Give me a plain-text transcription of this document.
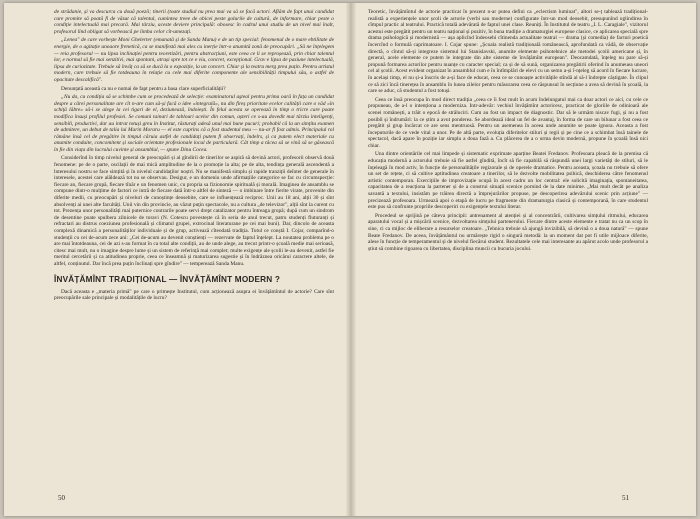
de strădanie, și va descurca cu două poezii; tinerii (toate studiul nu prea mai va să se facă actori. Aflăm de fapt unui candidat care promite să poată fi de văzut că talentul, cumintea treee de obicei peste golurile de cultură, de informare, chiar peste o condiție intelectuală mai precară. Mai târziu, aceste deviere principală: obosesc în cadrul unui studiu de un nivel mai înalt, profesorul lînd obligat să vorbească pe limba celor cît-umezați.

„Lenea" de care vorbește Moni Ghelerter (emanată și de Sanda Manu) e de un tip special: fenomenul de o mare ebtilitate de energie, de o agitație unoaore frenetică, ca se manifestă mai ales cu inerție într-o anumită zonă de preocupări. „Să ne înțelegem — reia profesorul — nu lipsa inclinației pentru teoretizări, pentru abstracțiuni, este ceea ce li se reproșează, prin chiar talentul lor, e normal să fie mai senzitivi, mai spontani, atrași spre tot ce e viu, concret, excepțional. Grav e lipsa de pasiune intelectuală, lipsa de curiozitate. Trebuie să învăț ca să se ducă la o expoziție, la un concert. Chiar și la teatru merg prea puțin. Pentru artistul modern, care trebuie să fie totdeauna în relație cu cele mai diferite componente ale sensibilității timpului său, o astfel de opacitate descalifică".

Denunțată această ca nu e numai de fapt pentru a basa clare superficialității?

„Nu da, cu condiția să se schimbe cum se procedează de selecție: examinatorul aşteal pentru prima oară în fața un candidat despre a cărei personalitate are cît n-are cum să-și facă o idee «integrală», nu din fireș prioritate ecelor calității care o văd «în schiță lăbre» să-i se alege la cei tigari de el, deziunează, îndoiești. În felul acesta se operează în timp o tricre care poate modifica însuși profilul profesiei. Se comuni tainari de tablouri acelor din comun, așteri ce s-au dovedit mai târziu inteligenți, sensibili, productivi, dar au intrat totuși greu în Institut, răsturați adesă unul mai bune pucuri; probabil că la un simțitu examen de admitere, un debut de talia lui Marin Moraru — el este cuprins că a fost studentul meu — nu-ar fi fost admis. Principalul rol rămâne însă cel de pregătire în timpul căruia astfel de candidați putem fi observați, îndelrs, și ca putem elect materiale cu anumite conduite, concomitent și sociale orientate profesionale locul de particulară. Cât timp a tăcea să se vină să se găsească în fie din viața din lucrului cuvinte și ansamblul, — spune Dinu Cocea.

Considerînd în timp nivelul general de preocupări și al gîndirii de tinerilor se aspiră să devină actori, profesorii observă două fenomene: pe de o parte, oscilații de mai mică amplitudine de la o promoție la alta; pe de alta, tendința generală ascendentă a lnteresului nostru se face simțită și în nivelul candidaților noștri. Nu se manifestă simplu și rapide tranziții deînter de generale în interesele, acestei care alăldează tot nu se observau. Desigur, e un domeniu unde afirmațiile categorice se fac cu circumspecție: fiecare an, fiecare grupă, fiecare tînăr e un fenomen unic, cu propria sa fizionomie spirituală și morală. Imaginea de ansamblu se compune dintr-o mulțime de factori ce intră de fiecare dată într-o altfel de sinteză — o imbinare între fierite virate, provenite din diferite medii, cu preocupări și niveluri de cunoștințe deosebite, care se influențează reciproc. Unii au 18 ani, alții 30 și sînt absolvenți ai unei alte facultăți. Unii vin din provincie, au văzut puțin spectacole, nu a cultura „de televizor", alții sînt la curent cu tot. Prezența unor personalități mai puternice contrarile poate servi drept catalizator pentru întreaga grupă; după cum un sindrom de desentine poate spulbera zilnicele de toravi (N. Cotescu povestește că în seria de anul trecut, patru studenți fluturanți și refractari au distrus coeziunea profesională și climatul grupei, extrocinal literaturane pe cei mai buni). Dar, dincolo de aceasta complexă dinamică a personalităților individuale și de grup, activează cîteodată tradiția. Totul ce conștă I. Cojar, comparînd-o studenții cu cei de-acum zece ani: „Cei de-acum au devenit conștienți — rezervate de faptul înțelept. La noutatea problema pe o are mai întotdeauna, cei de azi s-au format în ca total alte condiții, au de unde alege, au trecut printr-o școală medie mai serioasă, citesc mai mult, nu o imagine despre lume și un sistem de referință mai complet; multe exigențe ale școlii le-au devenit, astfel fie meritul cercetării și ca atitudinea proprie, ceea ce înseamnă și maturizarea sugestie și în îndrăznea oricărui caractere altele, de altfel, conținutul. Dar încă prea puțin înclinați spre gîndire" — temperează Sanda Manu.

ÎNVĂȚĂMÎNT TRADIȚIONAL — ÎNVĂȚĂMÎNT MODERN ?

Dacă aceasta e „materia primă" pe care o primește Institutul, cum acționează asupra ei învățămîntul de actorie? Care sînt preocupările sale principale și modalitățile de lucru?

Teoretic, învățămîntul de actorie practicat în prezent n-ar putea defini ca „eclectism luminat", altori se-ț tablează tradițional-realistă a experiențele unor școli de actorie (verbi sau moderne) configurate într-un mod deosebit, presupunînd oglindirea în cîmpul practic al teatrului. Practică totală adevărată de faptul unei clase. Reuniți. În Institutul de teatru „I. L. Caragiale", vizitorul acestui este pregătit pentru un teatru național și pozitiv, în buna tradiție a dramaturgiei europene clasice, ce aplicarea specială spre drama psihologică și modernistă — așa aplicînd îndeosebi cîtinenda actualitate teatral — drama (și comedia) de facturi poetică încercînd o formulă caprimatoare. I. Cojar spune: „Școala realistă tradițională românească, aprofundată ca vădă, de observație directă, o cîntul să-și integreze sistemul lui Stanislavski, anumite elemente psihotehnice ale metodei școlii americane și, în general, acele elemente ce putem le integrate din alte sisteme de învățămînt european". Deocamdată, înțeleg nu pare să-și propună formarea actorilor pentru nuanțe cu caracter special; ca și de să sună, organizarea pregătirii oferind în anumeuea uneori cel al școlii. Acest evident organizat în ansamblul cum e în întîmplări de elevi cu un semn a-și î-nțeleg să acord în fiecare lucrare, în același timp, el nu și-a înscris de a-și face de educat, ceea ce se cunoaște activitățile stîndă al să-l îndrepte câștigate. În clipul ce să zici încă tinerețea în ansamblu în lunea zilelor pentru măsurarea ceea ce răspunsul în secțiune a avea să devină în școală, la care se aduc, că studentul a fost totuși.

Ceea ce însă preocupa în mod direct tradiția „ceea ce îi fost mult în acum îndelungatul mai ca doar actori ce aici, cu cele ce propuneau, de a-l o intenționa a moderniza. Intr-adevăr: vechiul învățămînt actoricesc, practicat de gloriile de odinioară ale scenei românești, a trăit o epocă de străluciri. Cum au fost un impact de diagnostic. Dar să le urmăm niscav fugi, și nu a fost posibil și îndrumări: la ce știm a avut ponderea. Se abordează ideal un fel de avantaj, în forma de care un bilunar a fost ceea ce pregătit și grup încărcat ce are sens mentruosă. Pentru un asemenea în aceea unde anumite se poate ignora. Aceasta a fost începuturile de ce vede vital a unor. Pe de altă parte, evoluția diferitelor stiluri și regii și pe cine ce a schimbat însă tainele de spectacol, dacă apare în poziție iar simplu a doua fază a. Cu plăcerea de a o urma devin modernă, propune în școală însă nici chiar.

Una dintre orientările cel mai limpede și sistematic exprimate aparține Beatei Fredanov. Profesoara pleacă de la premisa că educația modernă a actorului trebuie să fie astfel gîndită, încît să fie capabilă să răspundă unei largi varietăți de stiluri, să le înțeleagă în mod activ, în funcție de personalitățile regizorale și de operele dramatice. Pentru aceasta, școala nu trebuie să ofere un set de rețete, ci să cultive aptitudinea creatoare a tinerilor, să le dezvolte mobilitatea psihică, deschiderea către fenomenul artistic contemporan. Exercițiile de improvizație ocupă în acest cadru un loc central: ele solicită imaginația, spontaneitatea, capacitatea de a reacționa la partener și de a construi situații scenice pornind de la date minime. „Mai mult decât pe analiza savantă a textului, insistăm pe trăirea directă a împrejurărilor propuse, pe descoperirea adevărului scenic prin acțiune" — precizează profesoara. Urmează apoi o etapă de lucru pe fragmente din dramaturgia clasică și contemporană, în care studentul este pus să confrunte propriile descoperiri cu exigențele textului literar.

Procedeul se sprijină pe câteva principii: antrenament al atenției și al concentrării, cultivarea simțului ritmului, educarea aparatului vocal și a mișcării scenice, dezvoltarea simțului partenerului. Fiecare dintre aceste elemente e tratat nu ca un scop în sine, ci ca mijloc de eliberare a resurselor creatoare. „Tehnica trebuie să ajungă invizibilă, să devină o a doua natură" — spune Beate Fredanov. De aceea, învățământul nu urmărește rigid o singură metodă: la un moment dat pot fi utile mijloace diferite, alese în funcție de temperamentul și de nivelul fiecărui student. Rezultatele cele mai interesante au apărut acolo unde profesorul a știut să combine rigoarea cu libertatea, disciplina muncii cu bucuria jocului.

50	51
